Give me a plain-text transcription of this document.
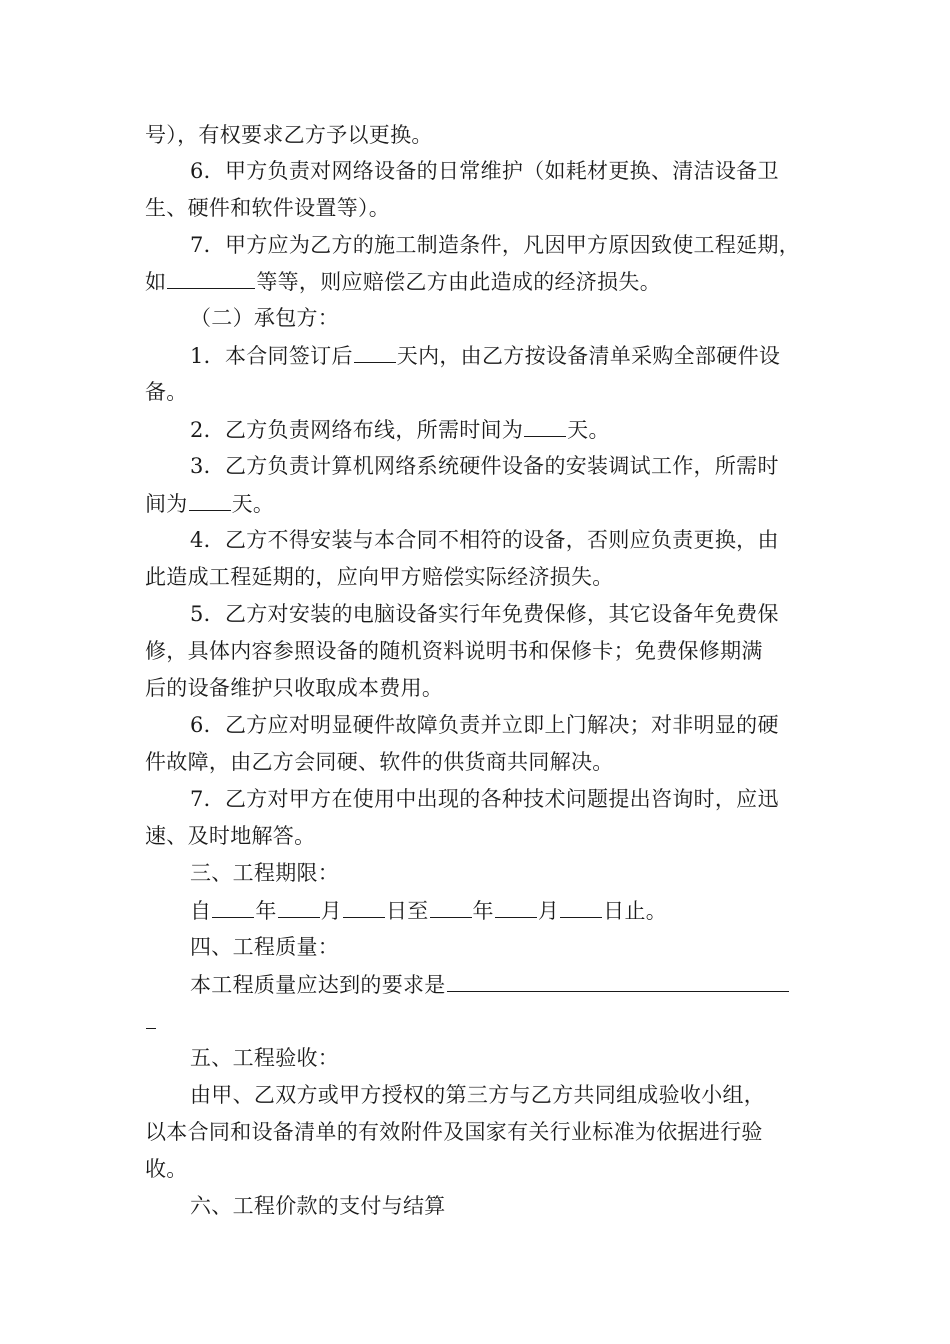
号），有权要求乙方予以更换。
6．甲方负责对网络设备的日常维护（如耗材更换、清洁设备卫
生、硬件和软件设置等）。
7．甲方应为乙方的施工制造条件，凡因甲方原因致使工程延期，
如	等等，则应赔偿乙方由此造成的经济损失。
（二）承包方：
1．本合同签订后 天内，由乙方按设备清单采购全部硬件设
备。
2．乙方负责网络布线，所需时间为 天。
3．乙方负责计算机网络系统硬件设备的安装调试工作，所需时
间为 天。
4．乙方不得安装与本合同不相符的设备，否则应负责更换，由
此造成工程延期的，应向甲方赔偿实际经济损失。
5．乙方对安装的电脑设备实行年免费保修，其它设备年免费保
修，具体内容参照设备的随机资料说明书和保修卡；免费保修期满
后的设备维护只收取成本费用。
6．乙方应对明显硬件故障负责并立即上门解决；对非明显的硬
件故障，由乙方会同硬、软件的供货商共同解决。
7．乙方对甲方在使用中出现的各种技术问题提出咨询时，应迅
速、及时地解答。
三、工程期限：
自 年 月 日至 年 月 日止。
四、工程质量：
本工程质量应达到的要求是
五、工程验收：
由甲、乙双方或甲方授权的第三方与乙方共同组成验收小组，
以本合同和设备清单的有效附件及国家有关行业标准为依据进行验
收。
六、工程价款的支付与结算
